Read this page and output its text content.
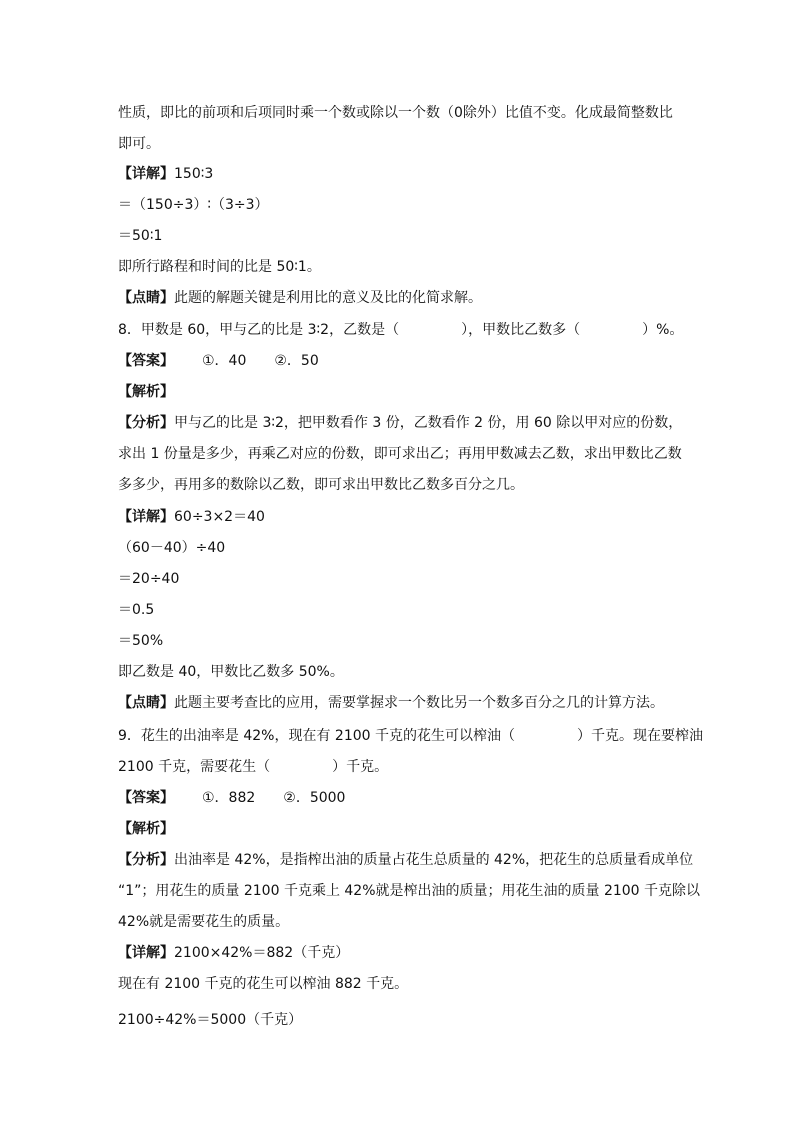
性质，即比的前项和后项同时乘一个数或除以一个数（0除外）比值不变。化成最简整数比
即可。
【详解】150∶3
＝（150÷3）∶（3÷3）
＝50∶1
即所行路程和时间的比是 50∶1。
【点睛】此题的解题关键是利用比的意义及比的化简求解。
8．甲数是 60，甲与乙的比是 3∶2，乙数是（	），甲数比乙数多（	）%。
【答案】 ①．40 ②．50
【解析】
【分析】甲与乙的比是 3∶2，把甲数看作 3 份，乙数看作 2 份，用 60 除以甲对应的份数，
求出 1 份量是多少，再乘乙对应的份数，即可求出乙；再用甲数减去乙数，求出甲数比乙数
多多少，再用多的数除以乙数，即可求出甲数比乙数多百分之几。
【详解】60÷3×2＝40
（60－40）÷40
＝20÷40
＝0.5
＝50%
即乙数是 40，甲数比乙数多 50%。
【点睛】此题主要考查比的应用，需要掌握求一个数比另一个数多百分之几的计算方法。
9．花生的出油率是 42%，现在有 2100 千克的花生可以榨油（	）千克。现在要榨油
2100 千克，需要花生（	）千克。
【答案】 ①．882 ②．5000
【解析】
【分析】出油率是 42%，是指榨出油的质量占花生总质量的 42%，把花生的总质量看成单位
“1”；用花生的质量 2100 千克乘上 42%就是榨出油的质量；用花生油的质量 2100 千克除以
42%就是需要花生的质量。
【详解】2100×42%＝882（千克）
现在有 2100 千克的花生可以榨油 882 千克。
2100÷42%＝5000（千克）
